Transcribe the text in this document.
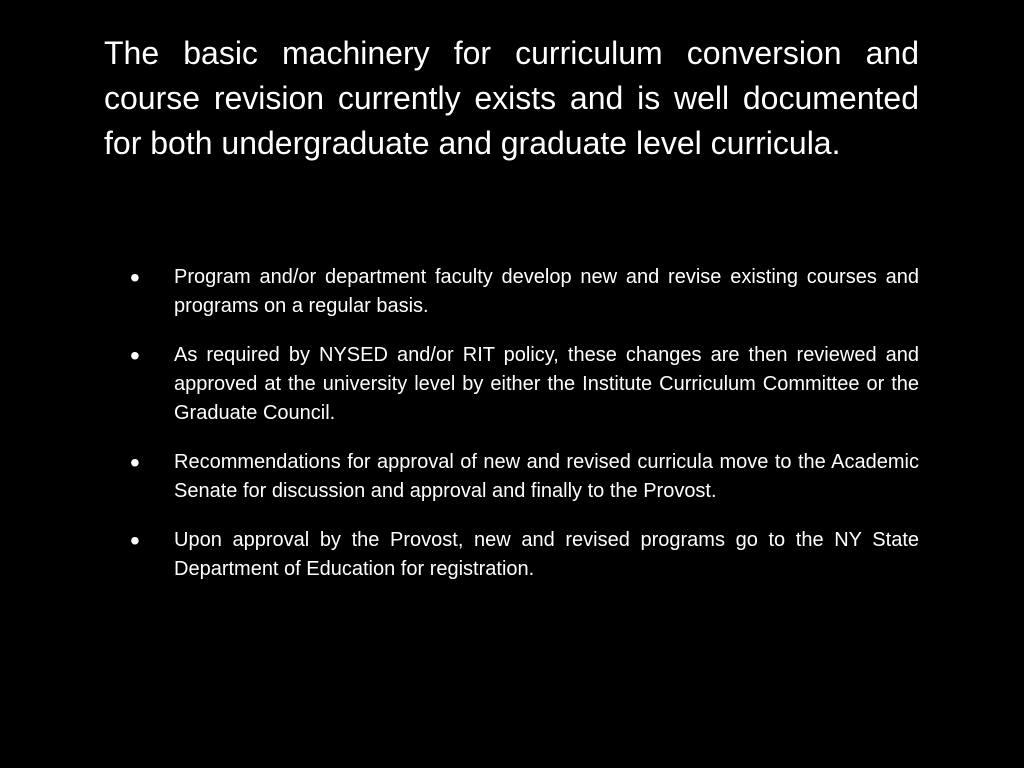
The basic machinery for curriculum conversion and course revision currently exists and is well documented for both undergraduate and graduate level curricula.

•	Program and/or department faculty develop new and revise existing courses and programs on a regular basis.
•	As required by NYSED and/or RIT policy, these changes are then reviewed and approved at the university level by either the Institute Curriculum Committee or the Graduate Council.
•	Recommendations for approval of new and revised curricula move to the Academic Senate for discussion and approval and finally to the Provost.
•	Upon approval by the Provost, new and revised programs go to the NY State Department of Education for registration.
